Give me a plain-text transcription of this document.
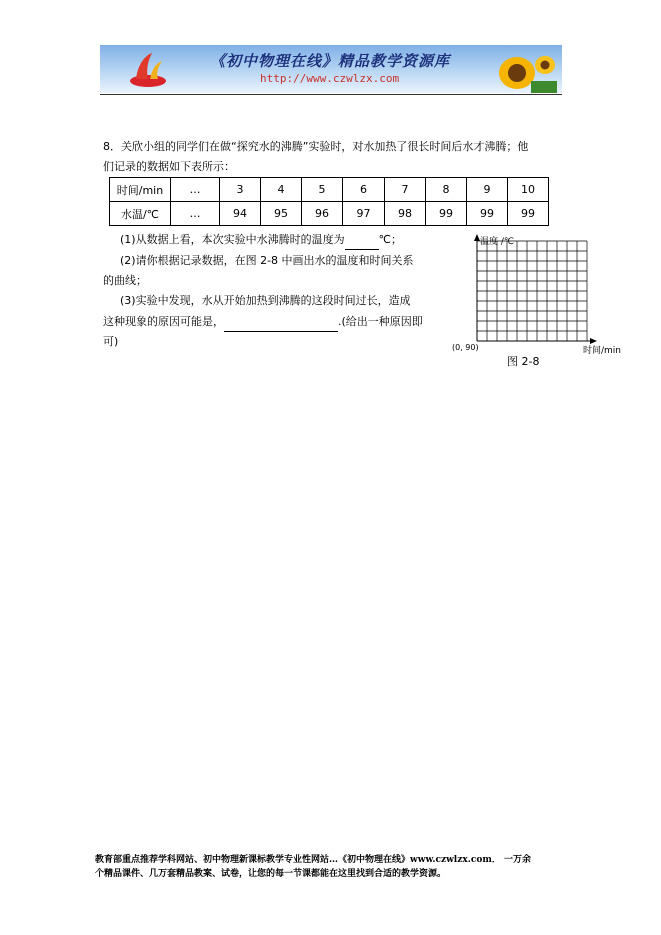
《初中物理在线》精品教学资源库
http://www.czwlzx.com
8．关欣小组的同学们在做“探究水的沸腾”实验时，对水加热了很长时间后水才沸腾；他
们记录的数据如下表所示：
时间/min	…	3	4	5	6	7	8	9	10
水温/℃	…	94	95	96	97	98	99	99	99
(1)从数据上看，本次实验中水沸腾时的温度为	℃；
(2)请你根据记录数据，在图 2-8 中画出水的温度和时间关系
的曲线；
(3)实验中发现，水从开始加热到沸腾的这段时间过长，造成
这种现象的原因可能是，	.(给出一种原因即
可)
温度 /℃
时间/min
(0, 90)
图 2-8
教育部重点推荐学科网站、初中物理新课标教学专业性网站…《初中物理在线》www.czwlzx.com． 一万余
个精品课件、几万套精品教案、试卷，让您的每一节课都能在这里找到合适的教学资源。
